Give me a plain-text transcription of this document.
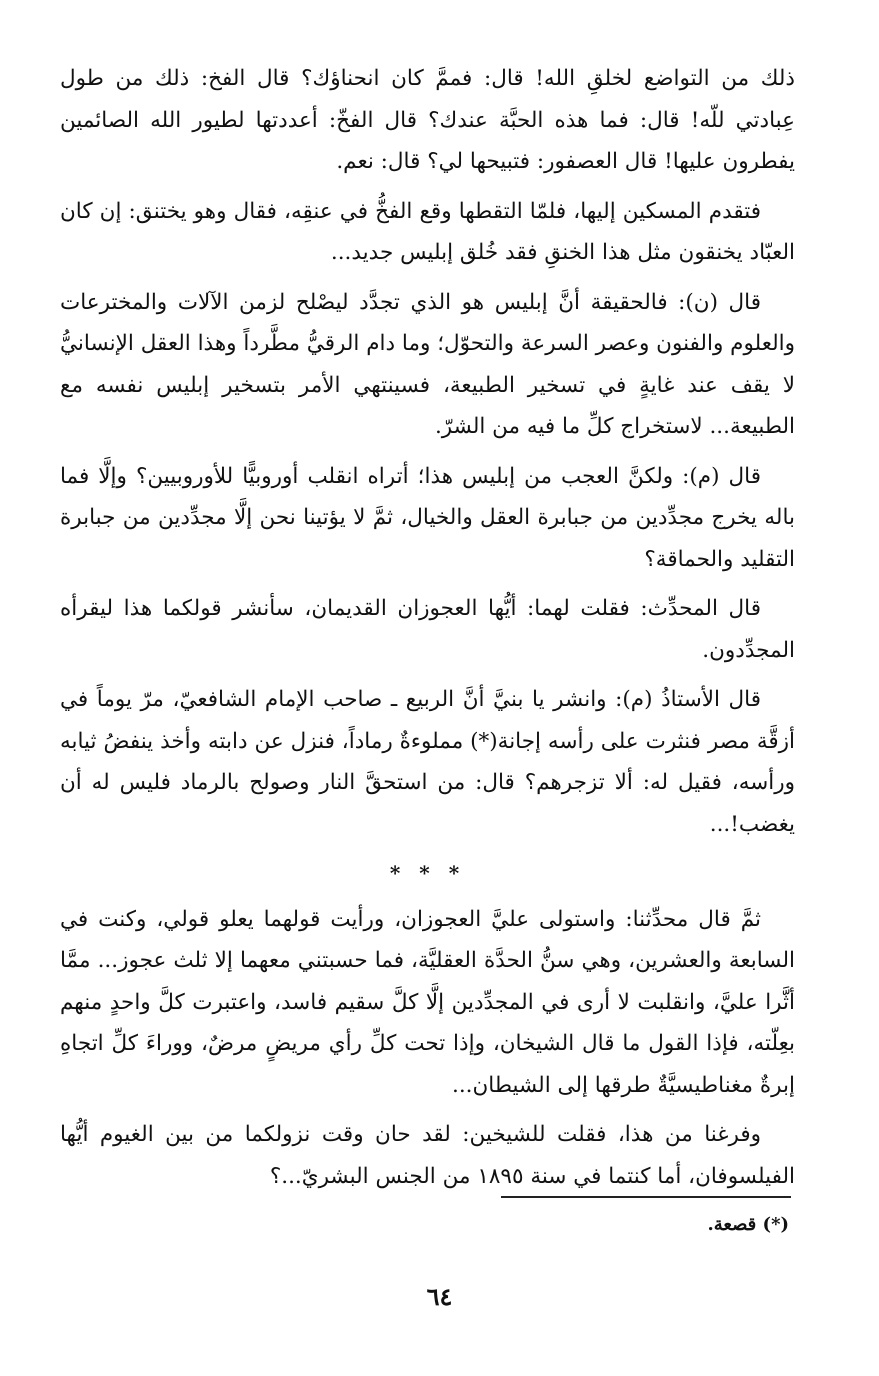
ذلك من التواضع لخلقِ الله! قال: فممَّ كان انحناؤك؟ قال الفخ: ذلك من طول عِبادتي للّه! قال: فما هذه الحبَّة عندك؟ قال الفخّ: أعددتها لطيور الله الصائمين يفطرون عليها! قال العصفور: فتبيحها لي؟ قال: نعم.

فتقدم المسكين إليها، فلمّا التقطها وقع الفخُّ في عنقِه، فقال وهو يختنق: إن كان العبّاد يخنقون مثل هذا الخنقِ فقد خُلق إبليس جديد...

قال (ن): فالحقيقة أنَّ إبليس هو الذي تجدَّد ليصْلح لزمن الآلات والمخترعات والعلوم والفنون وعصر السرعة والتحوّل؛ وما دام الرقيُّ مطَّرداً وهذا العقل الإنسانيُّ لا يقف عند غايةٍ في تسخير الطبيعة، فسينتهي الأمر بتسخير إبليس نفسه مع الطبيعة... لاستخراج كلِّ ما فيه من الشرّ.

قال (م): ولكنَّ العجب من إبليس هذا؛ أتراه انقلب أوروبيًّا للأوروبيين؟ وإلَّا فما باله يخرج مجدِّدين من جبابرة العقل والخيال، ثمَّ لا يؤتينا نحن إلَّا مجدِّدين من جبابرة التقليد والحماقة؟

قال المحدِّث: فقلت لهما: أيُّها العجوزان القديمان، سأنشر قولكما هذا ليقرأه المجدِّدون.

قال الأستاذُ (م): وانشر يا بنيَّ أنَّ الربيع ـ صاحب الإمام الشافعيّ، مرّ يوماً في أزقَّة مصر فنثرت على رأسه إجانة(*) مملوءةٌ رماداً، فنزل عن دابته وأخذ ينفضُ ثيابه ورأسه، فقيل له: ألا تزجرهم؟ قال: من استحقَّ النار وصولح بالرماد فليس له أن يغضب!...

* * *

ثمَّ قال محدِّثنا: واستولى عليَّ العجوزان، ورأيت قولهما يعلو قولي، وكنت في السابعة والعشرين، وهي سنُّ الحدَّة العقليَّة، فما حسبتني معهما إلا ثلث عجوز... ممَّا أثَّرا عليَّ، وانقلبت لا أرى في المجدِّدين إلَّا كلَّ سقيم فاسد، واعتبرت كلَّ واحدٍ منهم بعِلّته، فإذا القول ما قال الشيخان، وإذا تحت كلِّ رأي مريضٍ مرضٌ، ووراءَ كلِّ اتجاهِ إبرةٌ مغناطيسيَّةٌ طرقها إلى الشيطان...

وفرغنا من هذا، فقلت للشيخين: لقد حان وقت نزولكما من بين الغيوم أيُّها الفيلسوفان، أما كنتما في سنة ١٨٩٥ من الجنس البشريّ...؟

(*) قصعة.
٦٤
